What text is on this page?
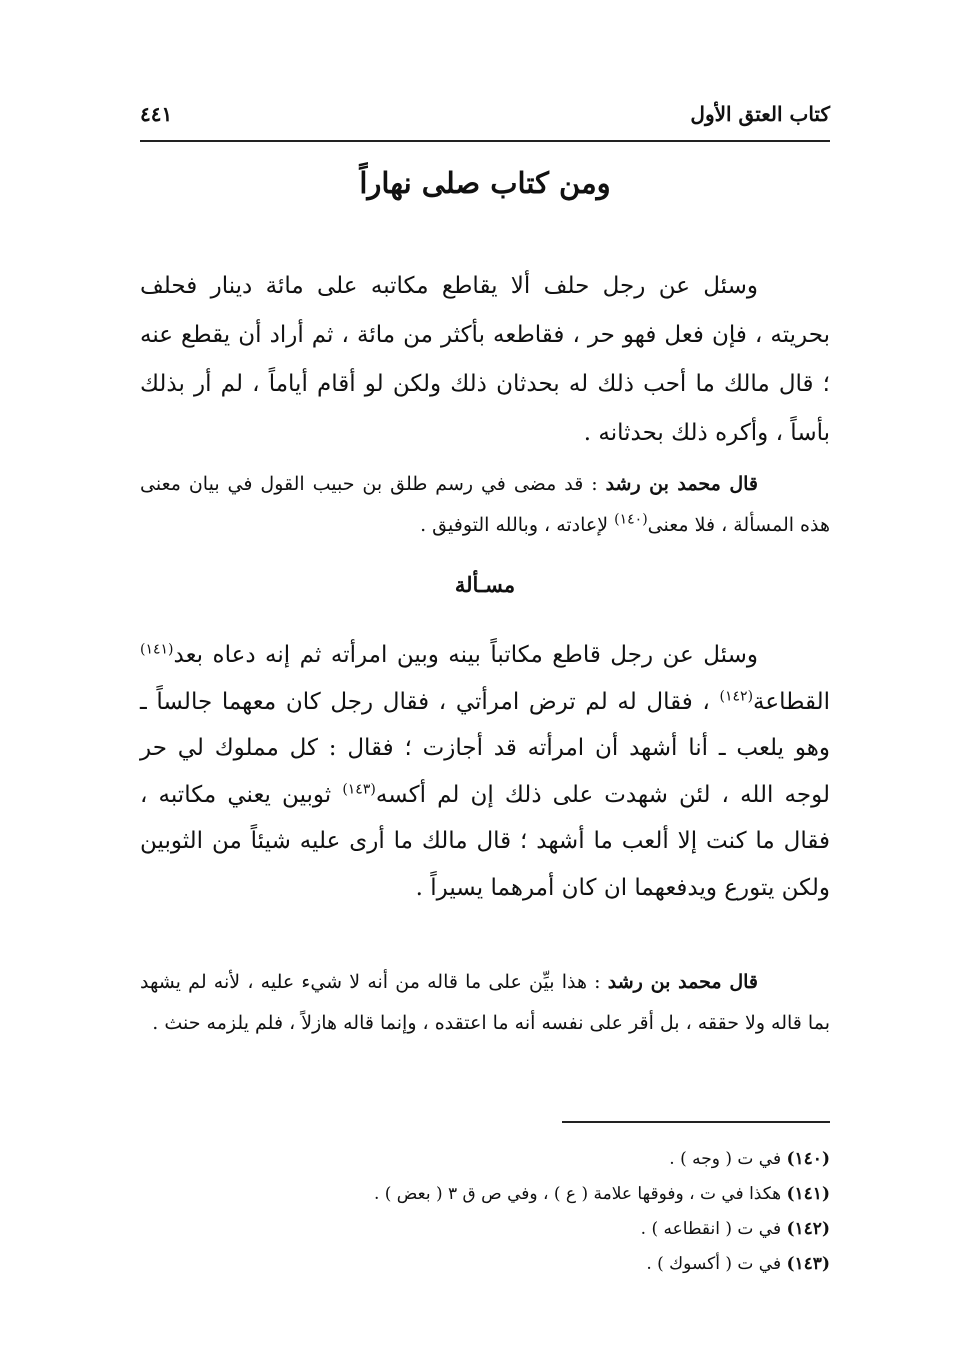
كتاب العتق الأول
٤٤١
ومن كتاب صلى نهاراً

وسئل عن رجل حلف ألا يقاطع مكاتبه على مائة دينار فحلف بحريته ، فإن فعل فهو حر ، فقاطعه بأكثر من مائة ، ثم أراد أن يقطع عنه ؛ قال مالك ما أحب ذلك له بحدثان ذلك ولكن لو أقام أياماً ، لم أر بذلك بأساً ، وأكره ذلك بحدثانه .

قال محمد بن رشد : قد مضى في رسم طلق بن حبيب القول في بيان معنى هذه المسألة ، فلا معنى$^{(١٤٠)}$ لإعادته ، وبالله التوفيق .

مسـألة

وسئل عن رجل قاطع مكاتباً بينه وبين امرأته ثم إنه دعاه بعد$^{(١٤١)}$ القطاعة$^{(١٤٢)}$ ، فقال له لم ترض امرأتي ، فقال رجل كان معهما جالساً ـ وهو يلعب ـ أنا أشهد أن امرأته قد أجازت ؛ فقال : كل مملوك لي حر لوجه الله ، لئن شهدت على ذلك إن لم أكسه$^{(١٤٣)}$ ثوبين يعني مكاتبه ، فقال ما كنت إلا ألعب ما أشهد ؛ قال مالك ما أرى عليه شيئاً من الثوبين ولكن يتورع ويدفعهما ان كان أمرهما يسيراً .

قال محمد بن رشد : هذا بيِّن على ما قاله من أنه لا شيء عليه ، لأنه لم يشهد بما قاله ولا حققه ، بل أقر على نفسه أنه ما اعتقده ، وإنما قاله هازلاً ، فلم يلزمه حنث .

(١٤٠) في ت ( وجه ) .
(١٤١) هكذا في ت ، وفوقها علامة ( ع ) ، وفي ص ق ٣ ( بعض ) .
(١٤٢) في ت ( انقطاعه ) .
(١٤٣) في ت ( أكسوك ) .
